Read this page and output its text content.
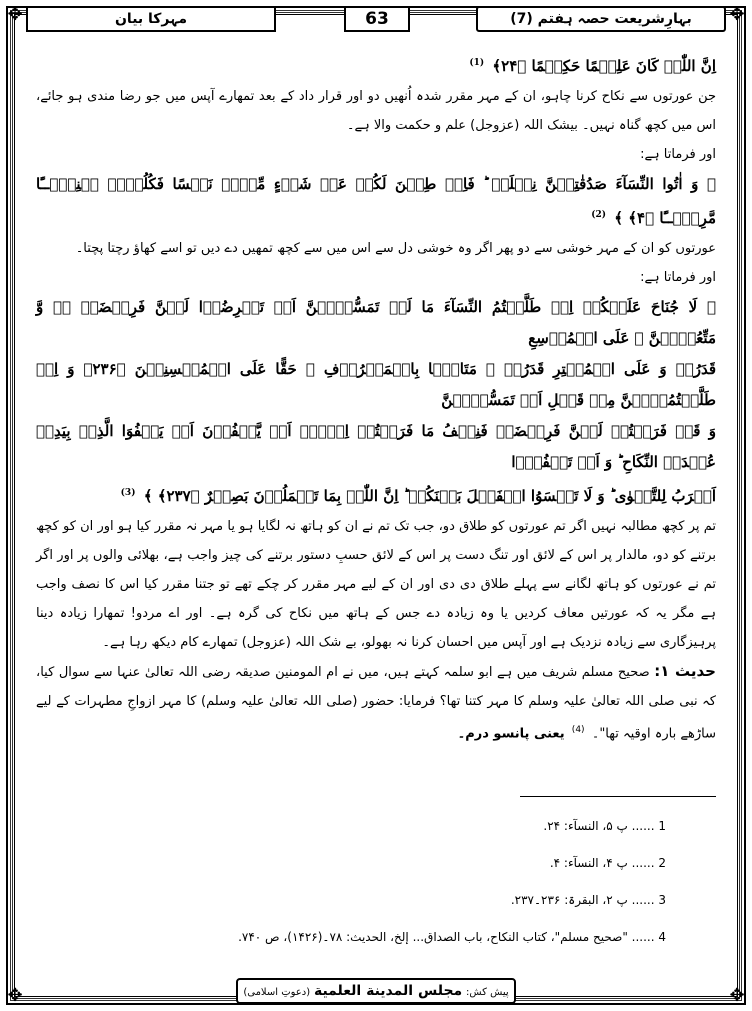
✥	✥
✥	✥
بہارِشریعت حصہ ہفتم (7)
63
مہرکا بیان

اِنَّ اللّٰہَ کَانَ عَلِیۡمًا حَکِیۡمًا ﴿۲۴﴾ $^{(1)}$

جن عورتوں سے نکاح کرنا چاہو، ان کے مہر مقرر شدہ اُنھیں دو اور قرار داد کے بعد تمھارے آپس میں جو رضا مندی ہو جائے، اس میں کچھ گناہ نہیں۔ بیشک اللہ (عزوجل) علم و حکمت والا ہے۔

اور فرماتا ہے:

﴿ وَ اٰتُوا النِّسَآءَ صَدُقٰتِہِنَّ نِحۡلَۃً ؕ فَاِنۡ طِبۡنَ لَکُمۡ عَنۡ شَیۡءٍ مِّنۡہُ نَفۡسًا فَکُلُوۡہُ ہَنِیۡٓــًٔا مَّرِیۡٓــًٔا ﴿۴﴾ ﴾ $^{(2)}$

عورتوں کو ان کے مہر خوشی سے دو پھر اگر وہ خوشی دل سے اس میں سے کچھ تمھیں دے دیں تو اسے کھاؤ رچتا پچتا۔

اور فرماتا ہے:

﴿ لَا جُنَاحَ عَلَیۡکُمۡ اِنۡ طَلَّقۡتُمُ النِّسَآءَ مَا لَمۡ تَمَسُّوۡہُنَّ اَوۡ تَفۡرِضُوۡا لَہُنَّ فَرِیۡضَۃً ۚۖ وَّ مَتِّعُوۡہُنَّ ۚ عَلَی الۡمُوۡسِعِ

قَدَرُہٗ وَ عَلَی الۡمُقۡتِرِ قَدَرُہٗ ۚ مَتَاعًۢا بِالۡمَعۡرُوۡفِ ۚ حَقًّا عَلَی الۡمُحۡسِنِیۡنَ ﴿۲۳۶﴾ وَ اِنۡ طَلَّقۡتُمُوۡہُنَّ مِنۡ قَبۡلِ اَنۡ تَمَسُّوۡہُنَّ

وَ قَدۡ فَرَضۡتُمۡ لَہُنَّ فَرِیۡضَۃً فَنِصۡفُ مَا فَرَضۡتُمۡ اِلَّاۤ اَنۡ یَّعۡفُوۡنَ اَوۡ یَعۡفُوَا الَّذِیۡ بِیَدِہٖ عُقۡدَۃُ النِّکَاحِ ؕ وَ اَنۡ تَعۡفُوۡۤا

اَقۡرَبُ لِلتَّقۡوٰی ؕ وَ لَا تَنۡسَوُا الۡفَضۡلَ بَیۡنَکُمۡ ؕ اِنَّ اللّٰہَ بِمَا تَعۡمَلُوۡنَ بَصِیۡرٌ ﴿۲۳۷﴾ ﴾ $^{(3)}$

تم پر کچھ مطالبہ نہیں اگر تم عورتوں کو طلاق دو، جب تک تم نے ان کو ہاتھ نہ لگایا ہو یا مہر نہ مقرر کیا ہو اور ان کو کچھ برتنے کو دو، مالدار پر اس کے لائق اور تنگ دست پر اس کے لائق حسبِ دستور برتنے کی چیز واجب ہے، بھلائی والوں پر اور اگر تم نے عورتوں کو ہاتھ لگانے سے پہلے طلاق دی دی اور ان کے لیے مہر مقرر کر چکے تھے تو جتنا مقرر کیا اس کا نصف واجب ہے مگر یہ کہ عورتیں معاف کردیں یا وہ زیادہ دے جس کے ہاتھ میں نکاح کی گرہ ہے۔ اور اے مردو! تمھارا زیادہ دینا پرہیزگاری سے زیادہ نزدیک ہے اور آپس میں احسان کرنا نہ بھولو، بے شک اللہ (عزوجل) تمھارے کام دیکھ رہا ہے۔

حدیث ۱: صحیح مسلم شریف میں ہے ابو سلمہ کہتے ہیں، میں نے ام المومنین صدیقہ رضی اللہ تعالیٰ عنہا سے سوال کیا، کہ نبی صلی اللہ تعالیٰ علیہ وسلم کا مہر کتنا تھا؟ فرمایا: حضور (صلی اللہ تعالیٰ علیہ وسلم) کا مہر ازواجِ مطہرات کے لیے ساڑھے بارہ اوقیہ تھا"۔ $^{(4)}$ یعنی پانسو درم۔

1 ...... پ ۵، النسآء: ۲۴.

2 ...... پ ۴، النسآء: ۴.

3 ...... پ ۲، البقرۃ: ۲۳۶۔۲۳۷.

4 ...... "صحیح مسلم"، کتاب النکاح، باب الصداق... إلخ، الحدیث: ۷۸۔(۱۴۲۶)، ص ۷۴۰.

پیش کش: مجلس المدینة العلمیة (دعوتِ اسلامی)
